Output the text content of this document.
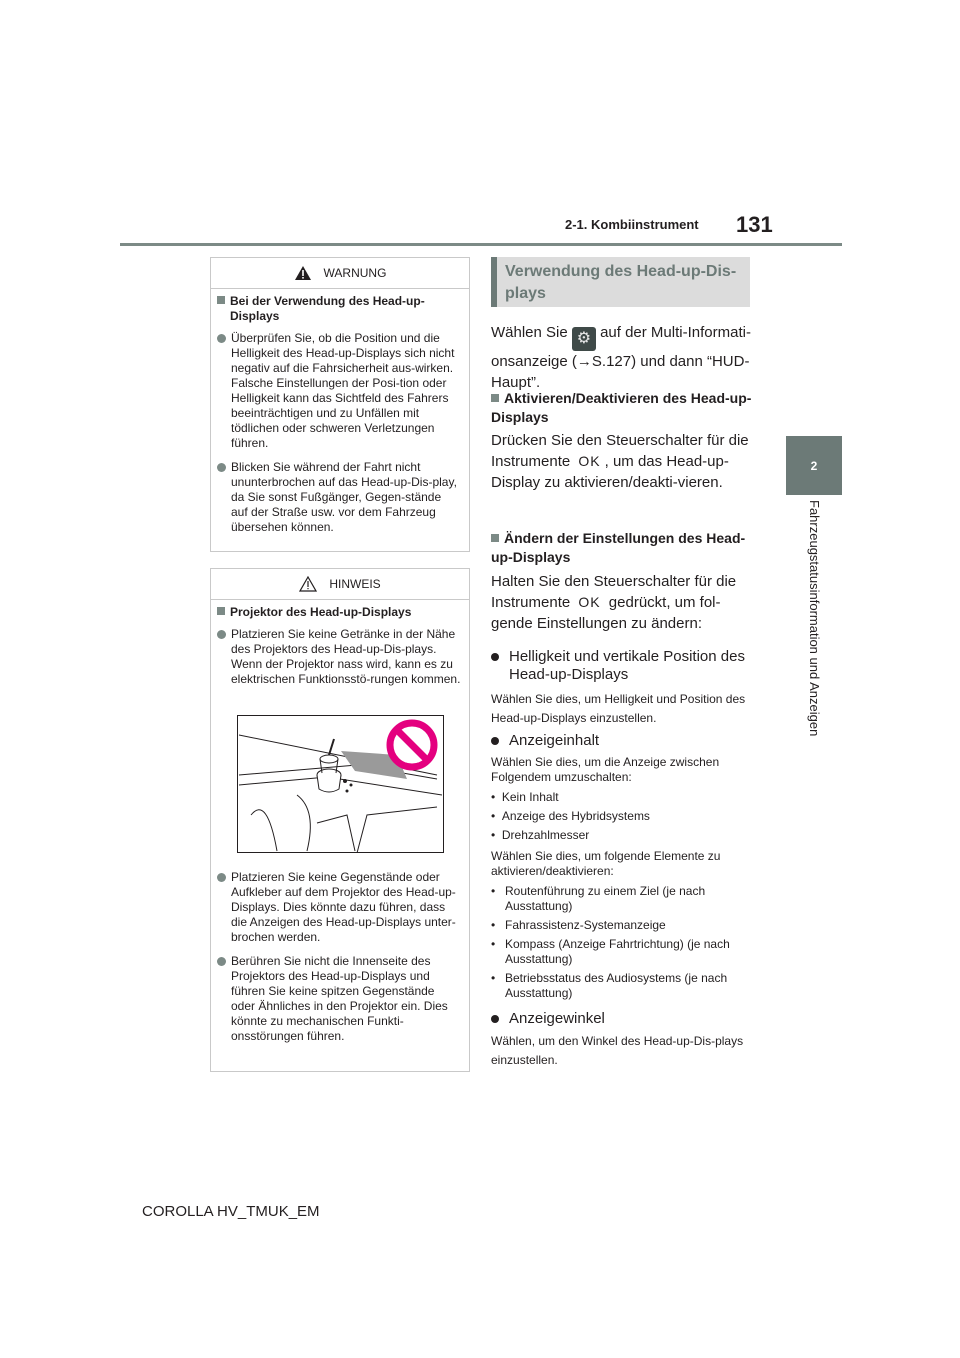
2-1. Kombiinstrument 131
2
Fahrzeugstatusinformation und Anzeigen
WARNUNG
Bei der Verwendung des Head-up-Displays
Überprüfen Sie, ob die Position und die Helligkeit des Head-up-Displays sich nicht negativ auf die Fahrsicherheit aus-wirken. Falsche Einstellungen der Posi-tion oder Helligkeit kann das Sichtfeld des Fahrers beeinträchtigen und zu Unfällen mit tödlichen oder schweren Verletzungen führen.
Blicken Sie während der Fahrt nicht ununterbrochen auf das Head-up-Dis-play, da Sie sonst Fußgänger, Gegen-stände auf der Straße usw. vor dem Fahrzeug übersehen können.
HINWEIS
Projektor des Head-up-Displays
Platzieren Sie keine Getränke in der Nähe des Projektors des Head-up-Dis-plays. Wenn der Projektor nass wird, kann es zu elektrischen Funktionsstö-rungen kommen.
Platzieren Sie keine Gegenstände oder Aufkleber auf dem Projektor des Head-up-Displays. Dies könnte dazu führen, dass die Anzeigen des Head-up-Displays unter-brochen werden.
Berühren Sie nicht die Innenseite des Projektors des Head-up-Displays und führen Sie keine spitzen Gegenstände oder Ähnliches in den Projektor ein. Dies könnte zu mechanischen Funkti-onsstörungen führen.
Verwendung des Head-up-Dis-plays
Wählen Sie ⚙ auf der Multi-Informati-onsanzeige (→S.127) und dann “HUD-Haupt”.
Aktivieren/Deaktivieren des Head-up-Displays
Drücken Sie den Steuerschalter für die Instrumente OK , um das Head-up-Display zu aktivieren/deakti-vieren.
Ändern der Einstellungen des Head-up-Displays
Halten Sie den Steuerschalter für die Instrumente OK gedrückt, um fol-gende Einstellungen zu ändern:
Helligkeit und vertikale Position des Head-up-Displays
Wählen Sie dies, um Helligkeit und Position des Head-up-Displays einzustellen.
Anzeigeinhalt
Wählen Sie dies, um die Anzeige zwischen Folgendem umzuschalten:
•  Kein Inhalt
•  Anzeige des Hybridsystems
•  Drehzahlmesser
Wählen Sie dies, um folgende Elemente zu aktivieren/deaktivieren:
• Routenführung zu einem Ziel (je nach Ausstattung)
• Fahrassistenz-Systemanzeige
• Kompass (Anzeige Fahrtrichtung) (je nach Ausstattung)
• Betriebsstatus des Audiosystems (je nach Ausstattung)
Anzeigewinkel
Wählen, um den Winkel des Head-up-Dis-plays einzustellen.
COROLLA HV_TMUK_EM
